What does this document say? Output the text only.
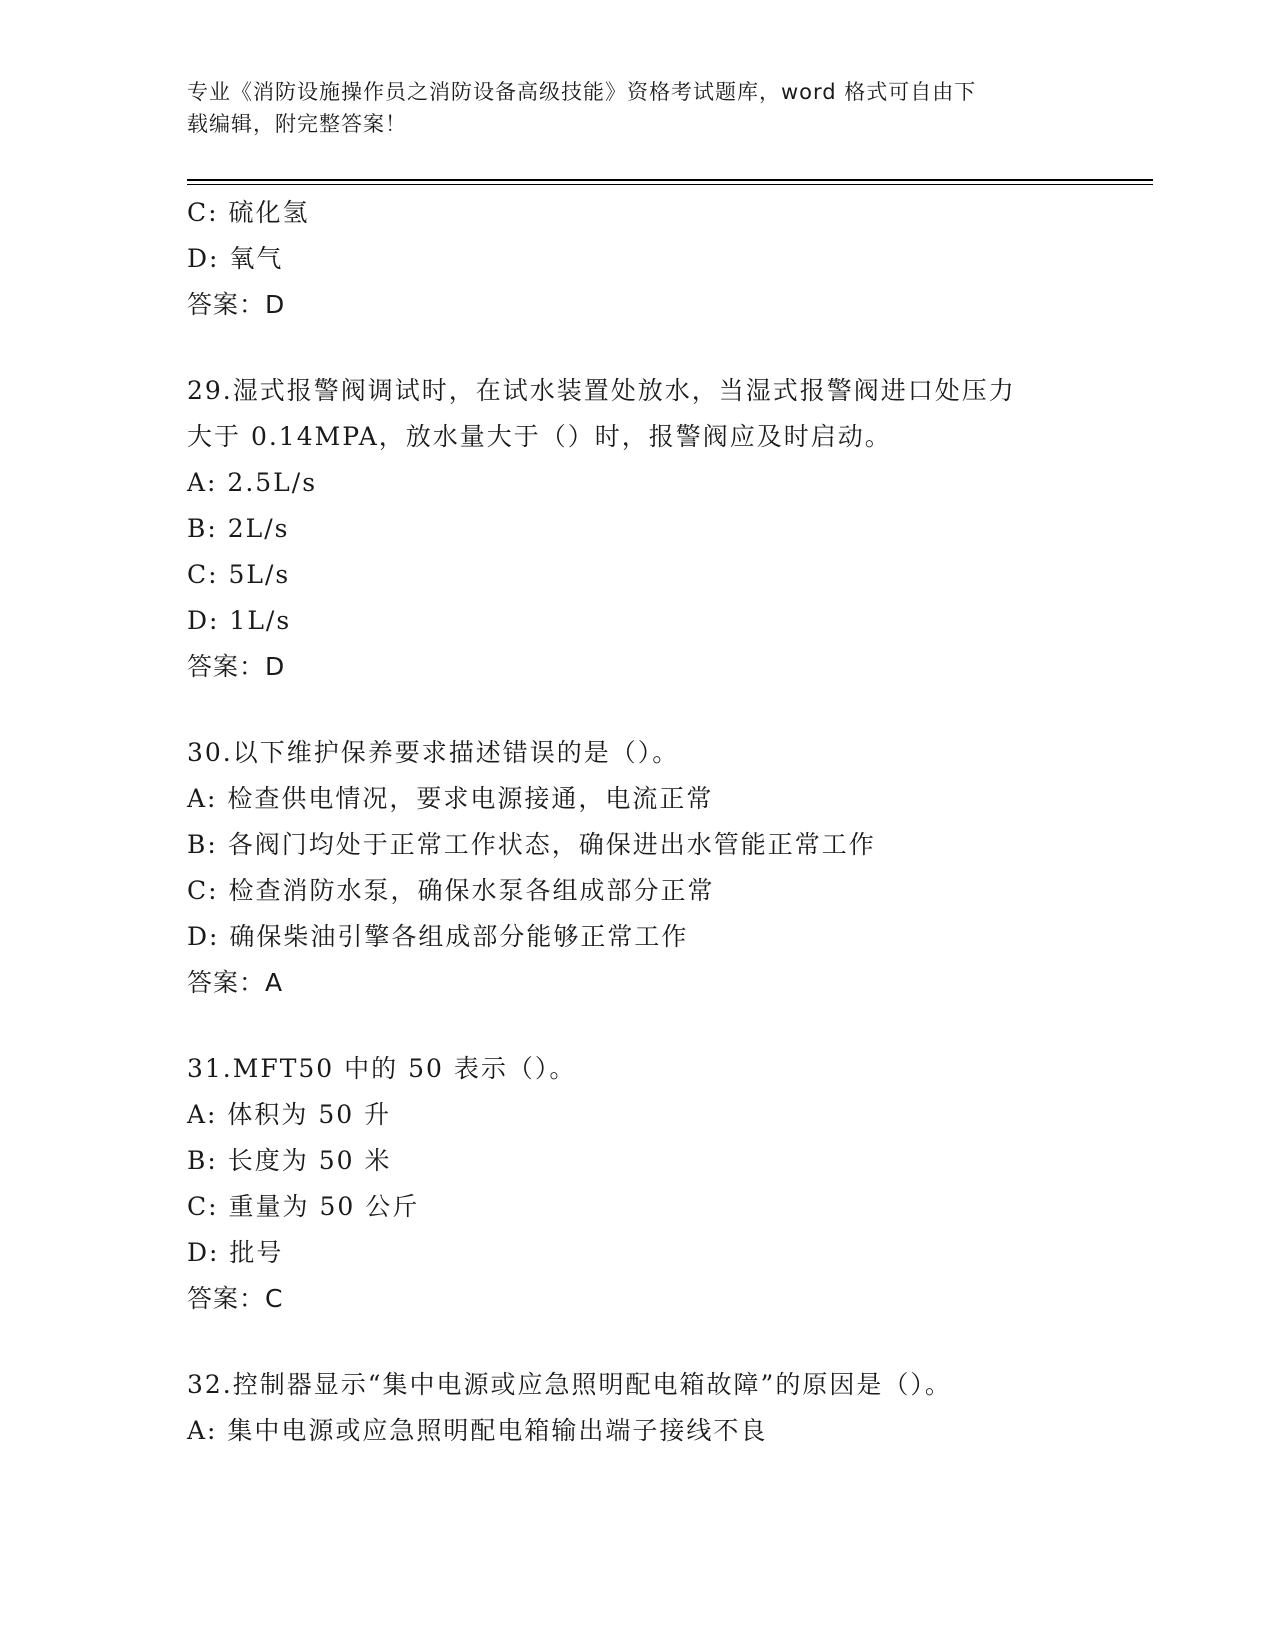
专业《消防设施操作员之消防设备高级技能》资格考试题库，word 格式可自由下
载编辑，附完整答案！
C: 硫化氢
D: 氧气
答案：D
29.湿式报警阀调试时，在试水装置处放水，当湿式报警阀进口处压力
大于 0.14MPA，放水量大于（）时，报警阀应及时启动。
A: 2.5L/s
B: 2L/s
C: 5L/s
D: 1L/s
答案：D
30.以下维护保养要求描述错误的是（）。
A: 检查供电情况，要求电源接通，电流正常
B: 各阀门均处于正常工作状态，确保进出水管能正常工作
C: 检查消防水泵，确保水泵各组成部分正常
D: 确保柴油引擎各组成部分能够正常工作
答案：A
31.MFT50 中的 50 表示（）。
A: 体积为 50 升
B: 长度为 50 米
C: 重量为 50 公斤
D: 批号
答案：C
32.控制器显示“集中电源或应急照明配电箱故障”的原因是（）。
A: 集中电源或应急照明配电箱输出端子接线不良
